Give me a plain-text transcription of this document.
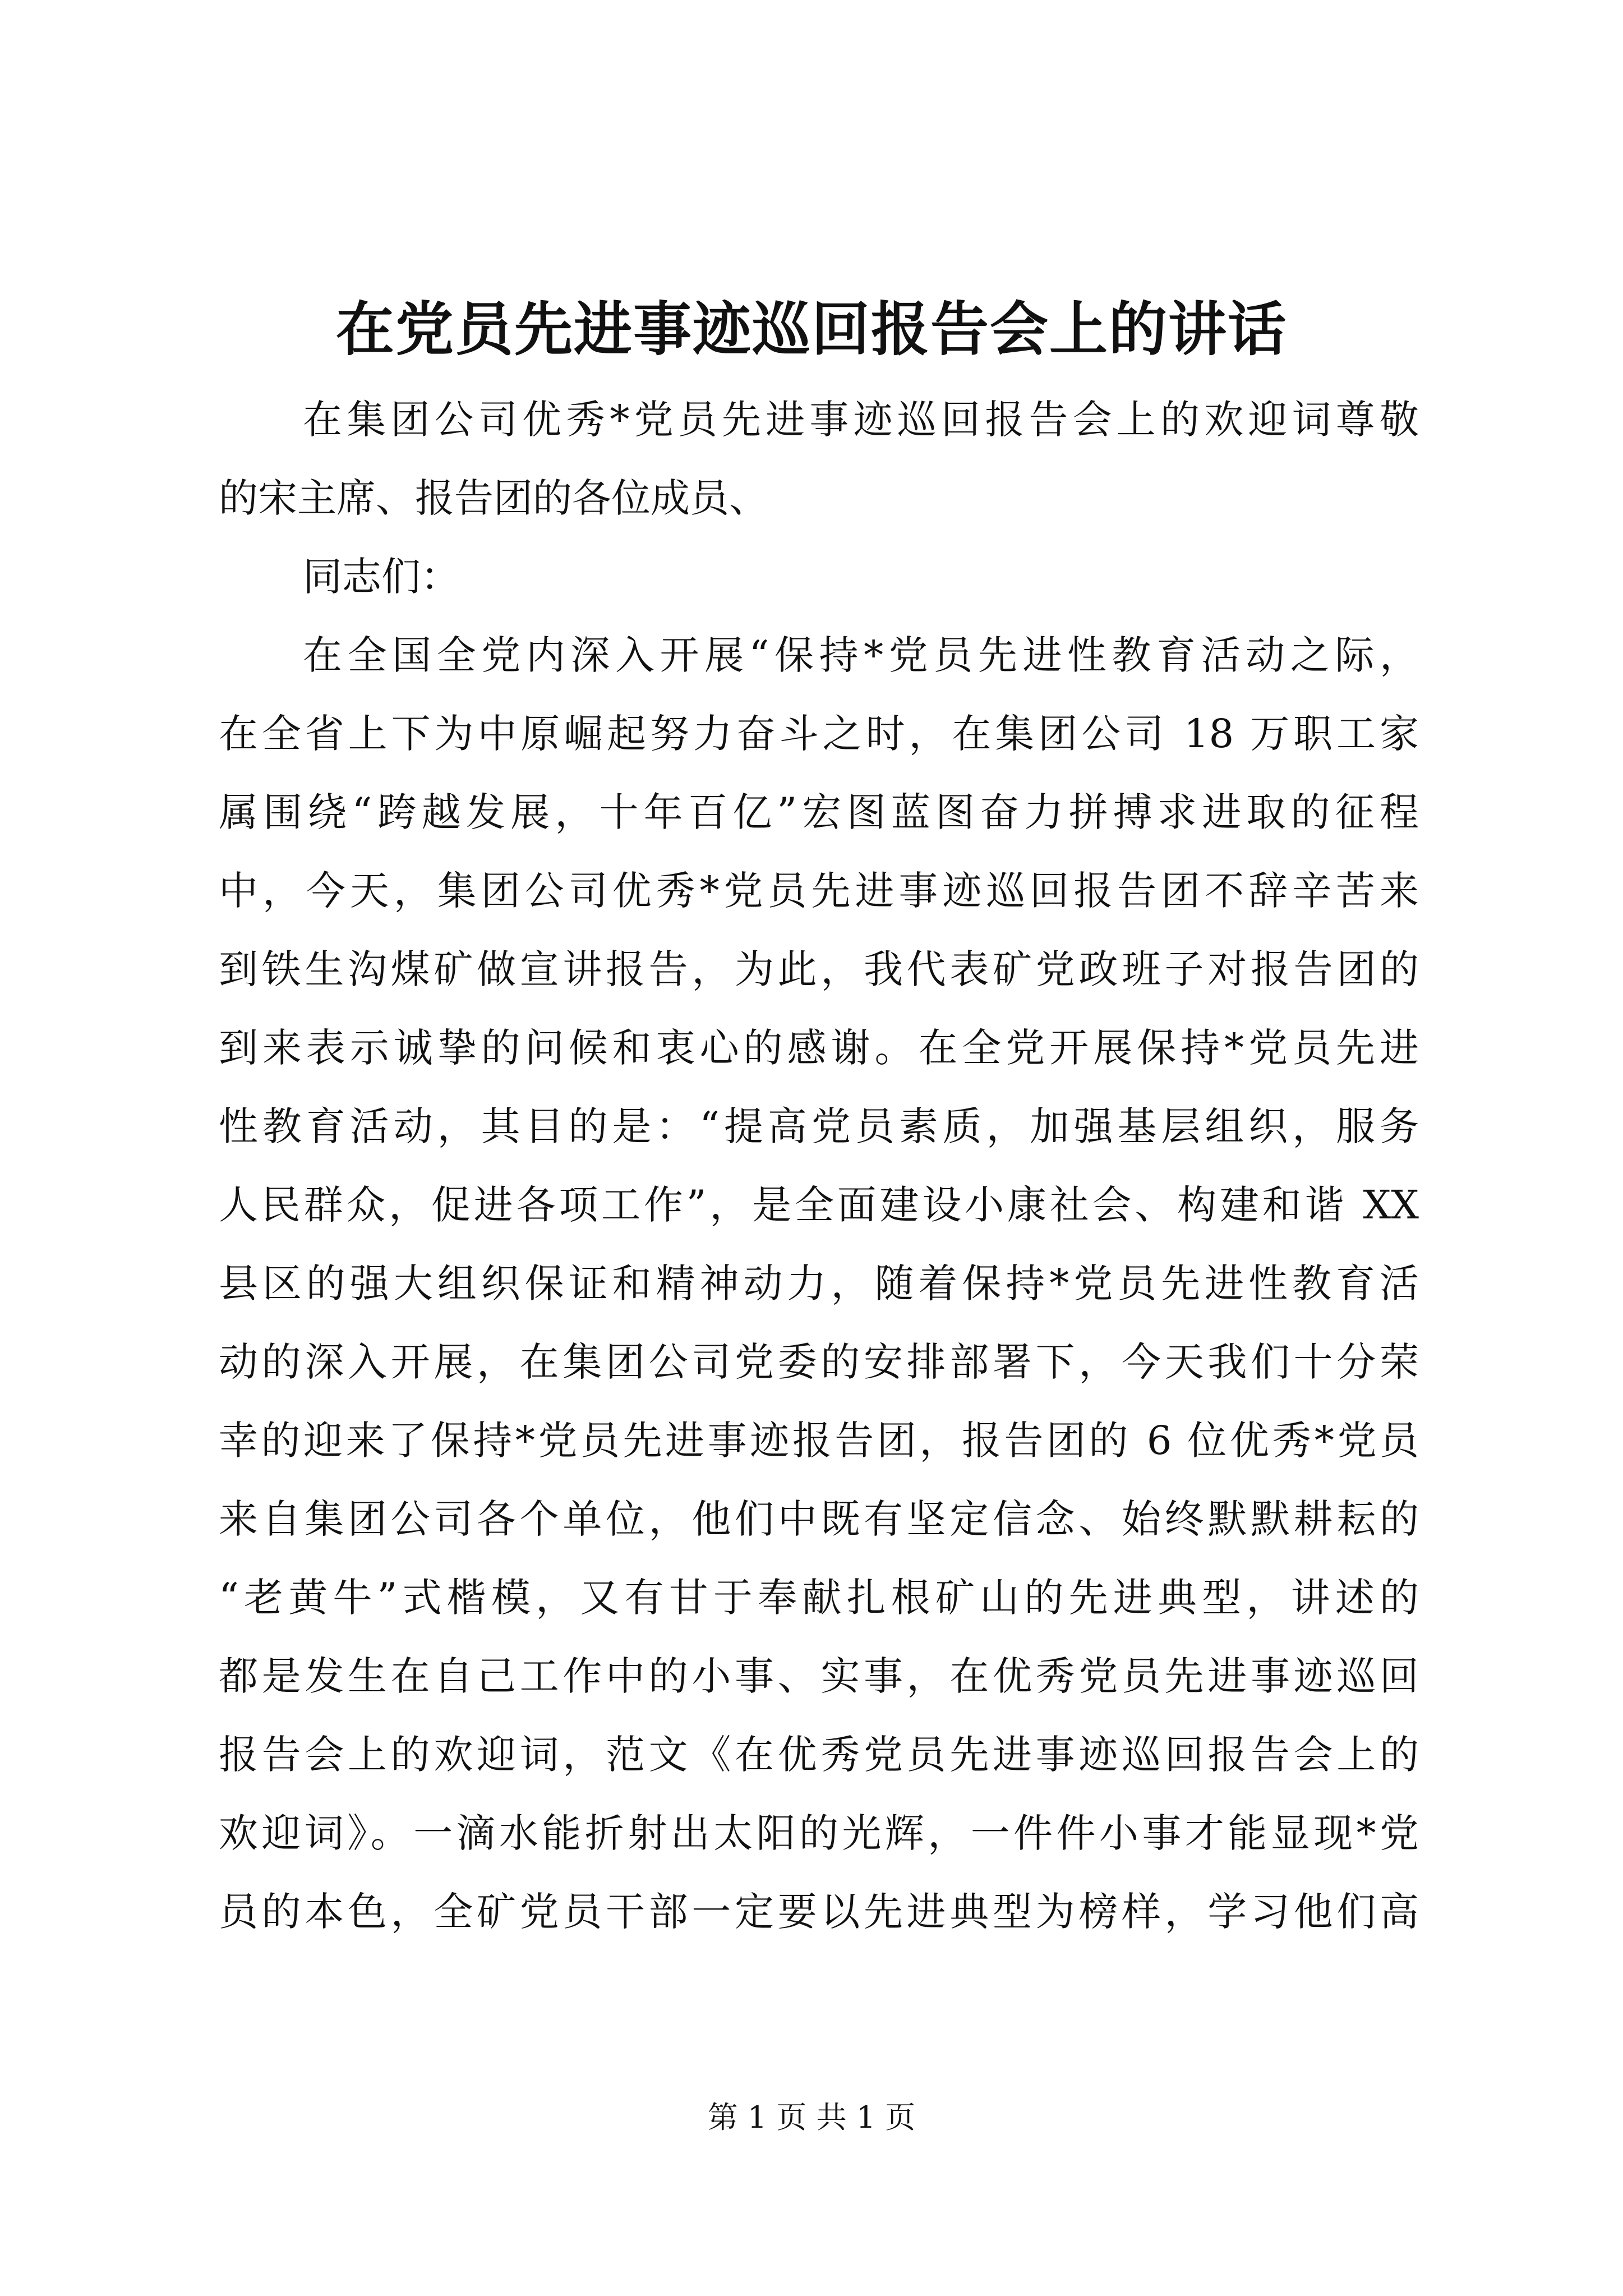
在党员先进事迹巡回报告会上的讲话

在集团公司优秀*党员先进事迹巡回报告会上的欢迎词尊敬

的宋主席、报告团的各位成员、

同志们：

在全国全党内深入开展“保持*党员先进性教育活动之际，

在全省上下为中原崛起努力奋斗之时，在集团公司 18 万职工家

属围绕“跨越发展，十年百亿”宏图蓝图奋力拼搏求进取的征程

中，今天，集团公司优秀*党员先进事迹巡回报告团不辞辛苦来

到铁生沟煤矿做宣讲报告，为此，我代表矿党政班子对报告团的

到来表示诚挚的问候和衷心的感谢。在全党开展保持*党员先进

性教育活动，其目的是：“提高党员素质，加强基层组织，服务

人民群众，促进各项工作”，是全面建设小康社会、构建和谐 XX

县区的强大组织保证和精神动力，随着保持*党员先进性教育活

动的深入开展，在集团公司党委的安排部署下，今天我们十分荣

幸的迎来了保持*党员先进事迹报告团，报告团的 6 位优秀*党员

来自集团公司各个单位，他们中既有坚定信念、始终默默耕耘的

“老黄牛”式楷模，又有甘于奉献扎根矿山的先进典型，讲述的

都是发生在自己工作中的小事、实事，在优秀党员先进事迹巡回

报告会上的欢迎词，范文《在优秀党员先进事迹巡回报告会上的

欢迎词》。一滴水能折射出太阳的光辉，一件件小事才能显现*党

员的本色，全矿党员干部一定要以先进典型为榜样，学习他们高

第 1 页 共 1 页
